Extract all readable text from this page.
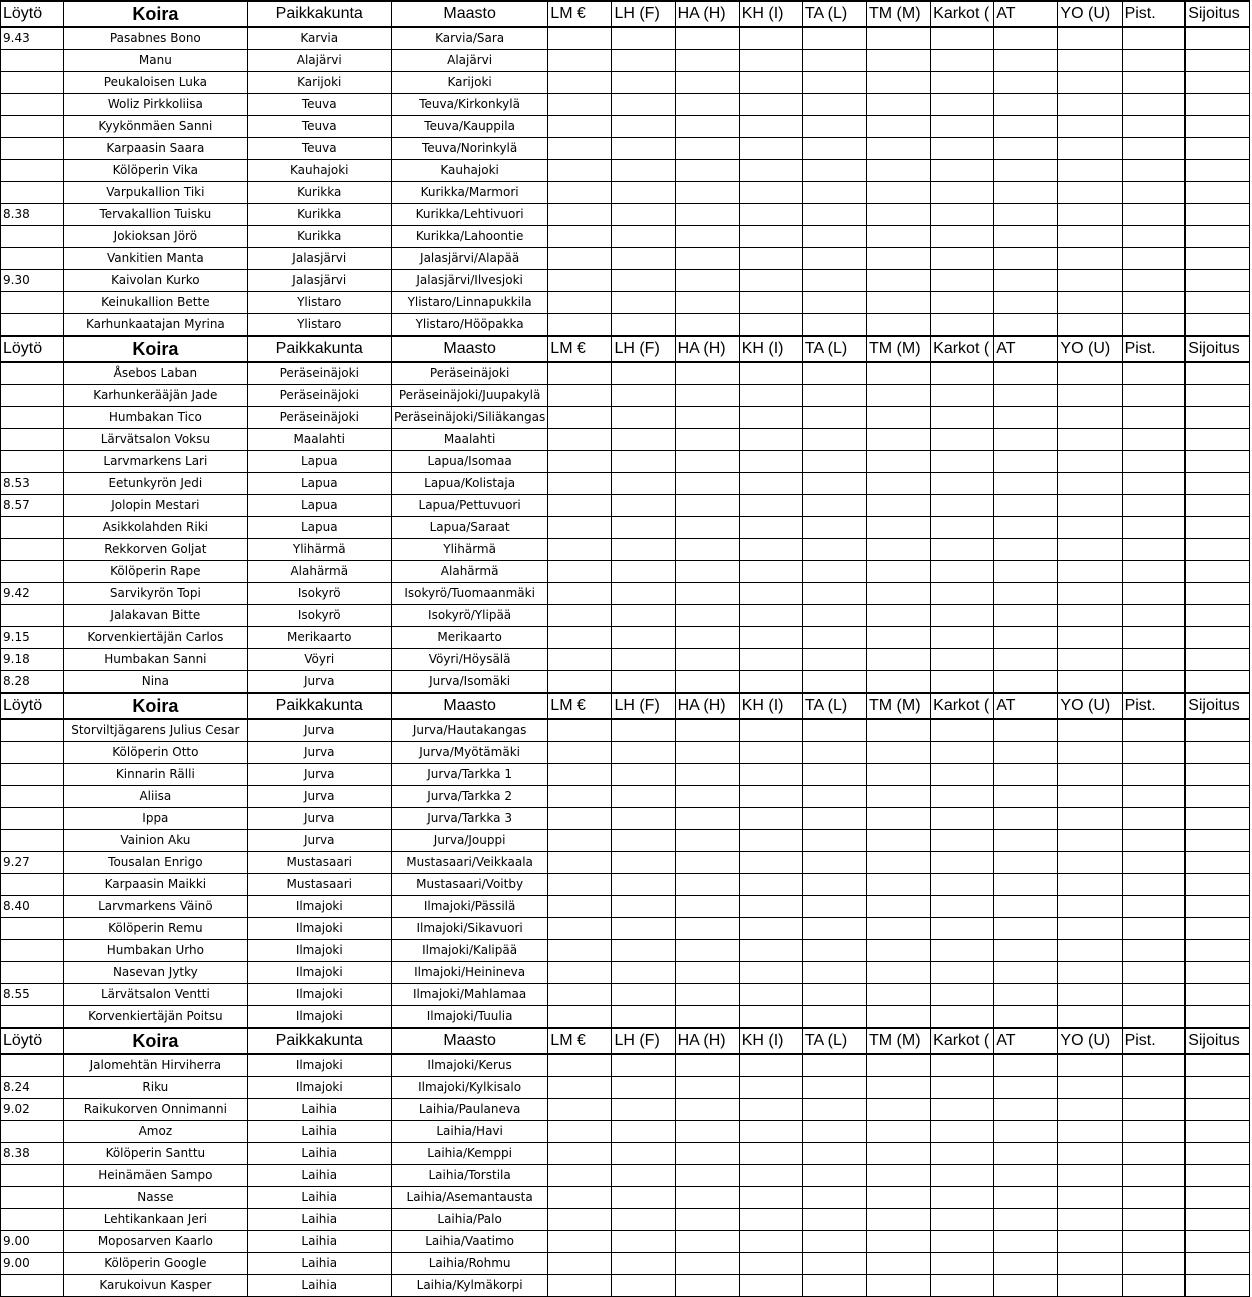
Löytö	Koira	Paikkakunta	Maasto	LM €	LH (F)	HA (H)	KH (I)	TA (L)	TM (M)	Karkot (	AT	YO (U)	Pist.	Sijoitus
9.43	Pasabnes Bono	Karvia	Karvia/Sara											
	Manu	Alajärvi	Alajärvi											
	Peukaloisen Luka	Karijoki	Karijoki											
	Woliz Pirkkoliisa	Teuva	Teuva/Kirkonkylä											
	Kyykönmäen Sanni	Teuva	Teuva/Kauppila											
	Karpaasin Saara	Teuva	Teuva/Norinkylä											
	Kölöperin Vika	Kauhajoki	Kauhajoki											
	Varpukallion Tiki	Kurikka	Kurikka/Marmori											
8.38	Tervakallion Tuisku	Kurikka	Kurikka/Lehtivuori											
	Jokioksan Jörö	Kurikka	Kurikka/Lahoontie											
	Vankitien Manta	Jalasjärvi	Jalasjärvi/Alapää											
9.30	Kaivolan Kurko	Jalasjärvi	Jalasjärvi/Ilvesjoki											
	Keinukallion Bette	Ylistaro	Ylistaro/Linnapukkila											
	Karhunkaatajan Myrina	Ylistaro	Ylistaro/Hööpakka											
Löytö	Koira	Paikkakunta	Maasto	LM €	LH (F)	HA (H)	KH (I)	TA (L)	TM (M)	Karkot (	AT	YO (U)	Pist.	Sijoitus
	Åsebos Laban	Peräseinäjoki	Peräseinäjoki											
	Karhunkerääjän Jade	Peräseinäjoki	Peräseinäjoki/Juupakylä											
	Humbakan Tico	Peräseinäjoki	Peräseinäjoki/Siliäkangas											
	Lärvätsalon Voksu	Maalahti	Maalahti											
	Larvmarkens Lari	Lapua	Lapua/Isomaa											
8.53	Eetunkyrön Jedi	Lapua	Lapua/Kolistaja											
8.57	Jolopin Mestari	Lapua	Lapua/Pettuvuori											
	Asikkolahden Riki	Lapua	Lapua/Saraat											
	Rekkorven Goljat	Ylihärmä	Ylihärmä											
	Kölöperin Rape	Alahärmä	Alahärmä											
9.42	Sarvikyrön Topi	Isokyrö	Isokyrö/Tuomaanmäki											
	Jalakavan Bitte	Isokyrö	Isokyrö/Ylipää											
9.15	Korvenkiertäjän Carlos	Merikaarto	Merikaarto											
9.18	Humbakan Sanni	Vöyri	Vöyri/Höysälä											
8.28	Nina	Jurva	Jurva/Isomäki											
Löytö	Koira	Paikkakunta	Maasto	LM €	LH (F)	HA (H)	KH (I)	TA (L)	TM (M)	Karkot (	AT	YO (U)	Pist.	Sijoitus
	Storviltjägarens Julius Cesar	Jurva	Jurva/Hautakangas											
	Kölöperin Otto	Jurva	Jurva/Myötämäki											
	Kinnarin Rälli	Jurva	Jurva/Tarkka 1											
	Aliisa	Jurva	Jurva/Tarkka 2											
	Ippa	Jurva	Jurva/Tarkka 3											
	Vainion Aku	Jurva	Jurva/Jouppi											
9.27	Tousalan Enrigo	Mustasaari	Mustasaari/Veikkaala											
	Karpaasin Maikki	Mustasaari	Mustasaari/Voitby											
8.40	Larvmarkens Väinö	Ilmajoki	Ilmajoki/Pässilä											
	Kölöperin Remu	Ilmajoki	Ilmajoki/Sikavuori											
	Humbakan Urho	Ilmajoki	Ilmajoki/Kalipää											
	Nasevan Jytky	Ilmajoki	Ilmajoki/Heinineva											
8.55	Lärvätsalon Ventti	Ilmajoki	Ilmajoki/Mahlamaa											
	Korvenkiertäjän Poitsu	Ilmajoki	Ilmajoki/Tuulia											
Löytö	Koira	Paikkakunta	Maasto	LM €	LH (F)	HA (H)	KH (I)	TA (L)	TM (M)	Karkot (	AT	YO (U)	Pist.	Sijoitus
	Jalomehtän Hirviherra	Ilmajoki	Ilmajoki/Kerus											
8.24	Riku	Ilmajoki	Ilmajoki/Kylkisalo											
9.02	Raikukorven Onnimanni	Laihia	Laihia/Paulaneva											
	Amoz	Laihia	Laihia/Havi											
8.38	Kölöperin Santtu	Laihia	Laihia/Kemppi											
	Heinämäen Sampo	Laihia	Laihia/Torstila											
	Nasse	Laihia	Laihia/Asemantausta											
	Lehtikankaan Jeri	Laihia	Laihia/Palo											
9.00	Moposarven Kaarlo	Laihia	Laihia/Vaatimo											
9.00	Kölöperin Google	Laihia	Laihia/Rohmu											
	Karukoivun Kasper	Laihia	Laihia/Kylmäkorpi											
